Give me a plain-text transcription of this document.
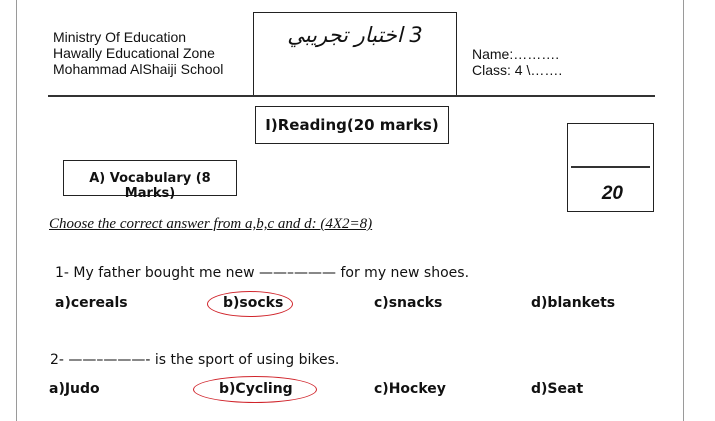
Ministry Of Education
Hawally Educational Zone
Mohammad AlShaiji School
3 اختبار تجريبي
Name:……….
Class: 4 \…….
I)Reading(20 marks)
20
A) Vocabulary (8 Marks)
Choose the correct answer from a,b,c and d: (4X2=8)
1- My father bought me new ——–——— for my new shoes.
a)cereals	b)socks	c)snacks	d)blankets
2- ——–———- is the sport of using bikes.
a)Judo	b)Cycling	c)Hockey	d)Seat
